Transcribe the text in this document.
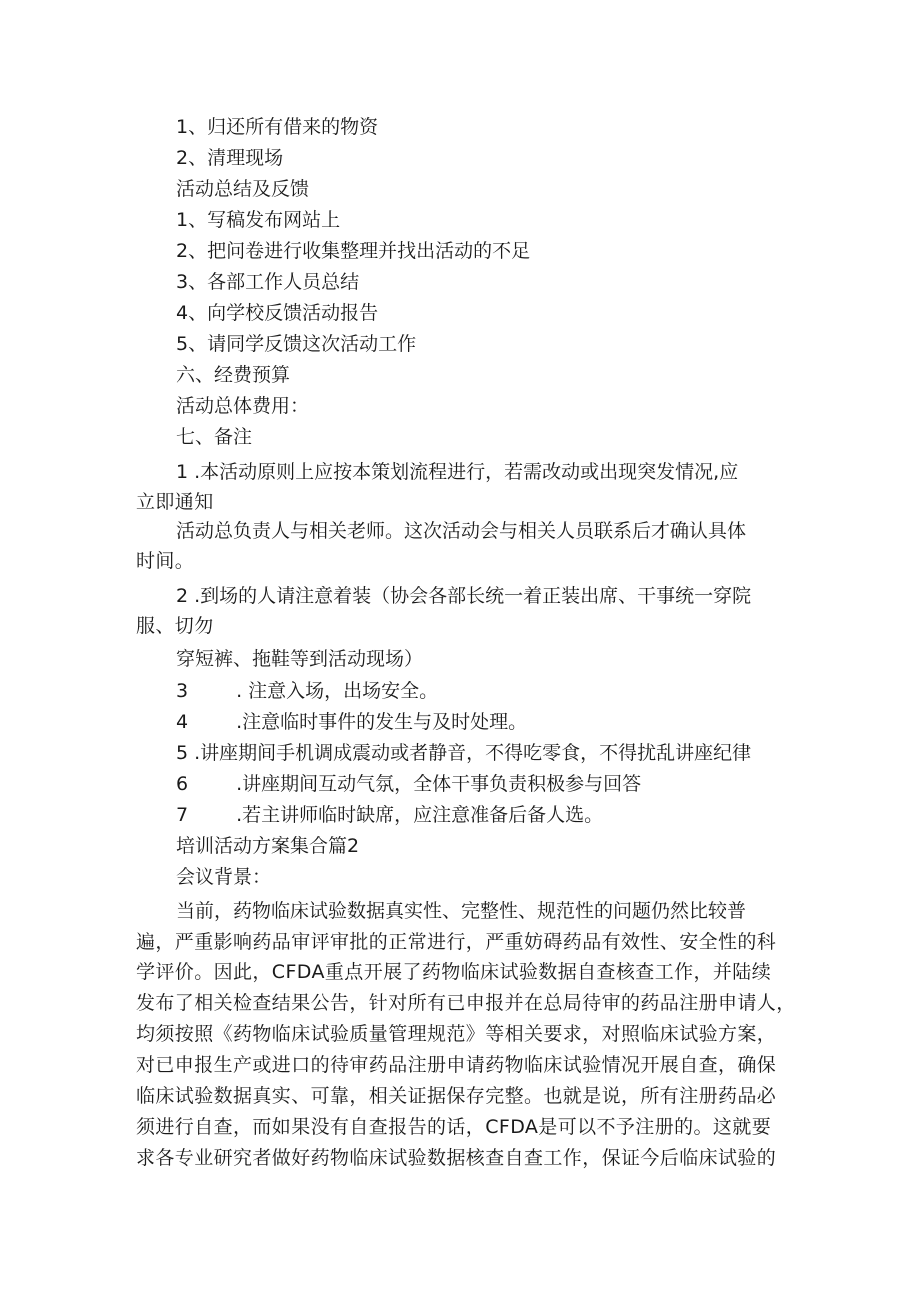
1、归还所有借来的物资
2、清理现场
活动总结及反馈
1、写稿发布网站上
2、把问卷进行收集整理并找出活动的不足
3、各部工作人员总结
4、向学校反馈活动报告
5、请同学反馈这次活动工作
六、经费预算
活动总体费用：
七、备注
1 .本活动原则上应按本策划流程进行，若需改动或出现突发情况,应
立即通知
活动总负责人与相关老师。这次活动会与相关人员联系后才确认具体
时间。
2 .到场的人请注意着装（协会各部长统一着正装出席、干事统一穿院
服、切勿
穿短裤、拖鞋等到活动现场）
3	. 注意入场，出场安全。
4	.注意临时事件的发生与及时处理。
5 .讲座期间手机调成震动或者静音，不得吃零食，不得扰乱讲座纪律
6	.讲座期间互动气氛，全体干事负责积极参与回答
7	.若主讲师临时缺席，应注意准备后备人选。
培训活动方案集合篇2
会议背景：
当前，药物临床试验数据真实性、完整性、规范性的问题仍然比较普
遍，严重影响药品审评审批的正常进行，严重妨碍药品有效性、安全性的科
学评价。因此，CFDA重点开展了药物临床试验数据自查核查工作，并陆续
发布了相关检查结果公告，针对所有已申报并在总局待审的药品注册申请人，
均须按照《药物临床试验质量管理规范》等相关要求，对照临床试验方案，
对已申报生产或进口的待审药品注册申请药物临床试验情况开展自查，确保
临床试验数据真实、可靠，相关证据保存完整。也就是说，所有注册药品必
须进行自查，而如果没有自查报告的话，CFDA是可以不予注册的。这就要
求各专业研究者做好药物临床试验数据核查自查工作，保证今后临床试验的
